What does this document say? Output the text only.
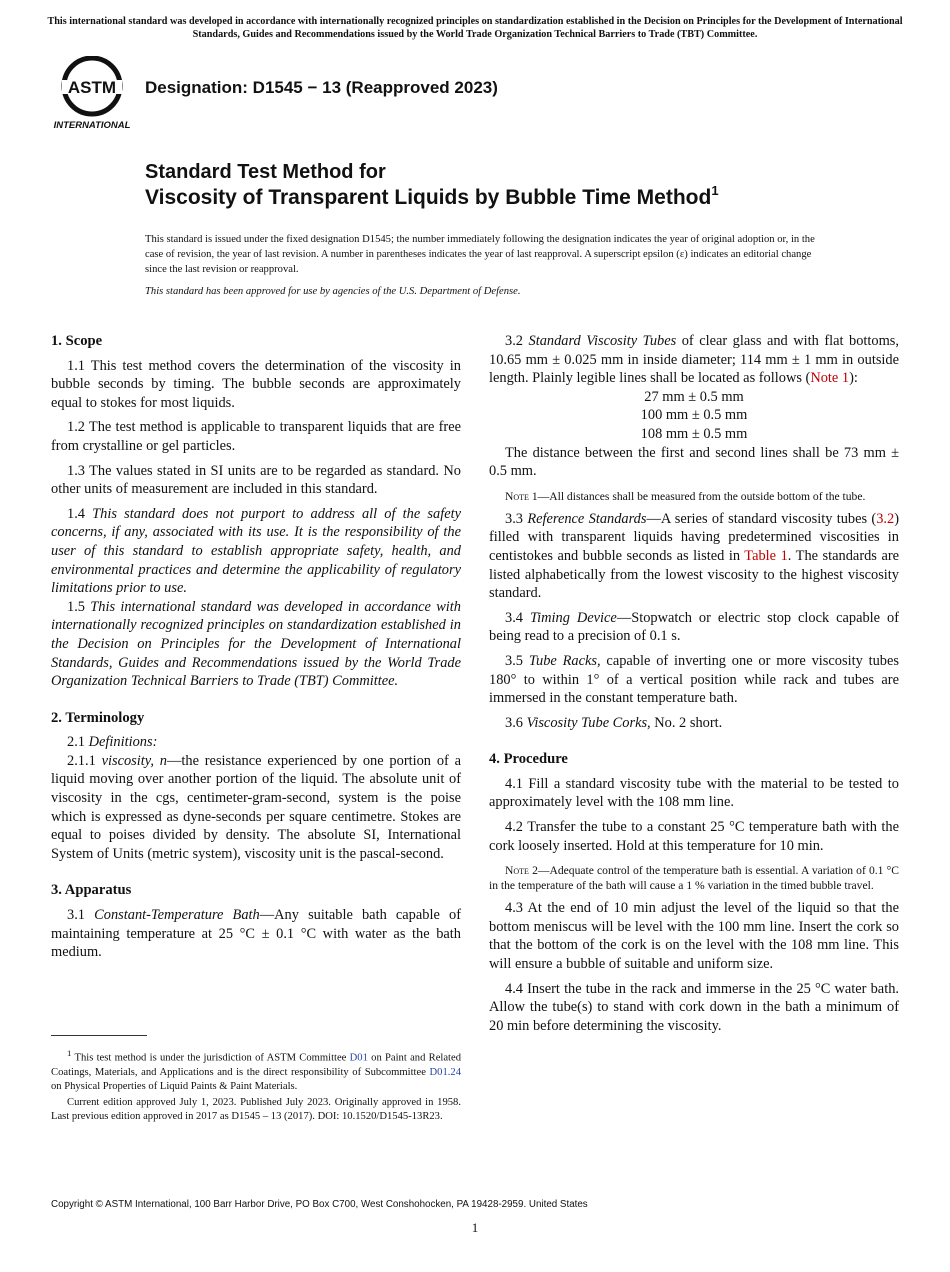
This international standard was developed in accordance with internationally recognized principles on standardization established in the Decision on Principles for the Development of International Standards, Guides and Recommendations issued by the World Trade Organization Technical Barriers to Trade (TBT) Committee.
ASTM
INTERNATIONAL
Designation: D1545 − 13 (Reapproved 2023)
Standard Test Method for
Viscosity of Transparent Liquids by Bubble Time Method$^1$
This standard is issued under the fixed designation D1545; the number immediately following the designation indicates the year of original adoption or, in the case of revision, the year of last revision. A number in parentheses indicates the year of last reapproval. A superscript epsilon (ε) indicates an editorial change since the last revision or reapproval.
This standard has been approved for use by agencies of the U.S. Department of Defense.
1. Scope

1.1 This test method covers the determination of the viscosity in bubble seconds by timing. The bubble seconds are approximately equal to stokes for most liquids.

1.2 The test method is applicable to transparent liquids that are free from crystalline or gel particles.

1.3 The values stated in SI units are to be regarded as standard. No other units of measurement are included in this standard.

1.4 This standard does not purport to address all of the safety concerns, if any, associated with its use. It is the responsibility of the user of this standard to establish appropriate safety, health, and environmental practices and determine the applicability of regulatory limitations prior to use.

1.5 This international standard was developed in accordance with internationally recognized principles on standardization established in the Decision on Principles for the Development of International Standards, Guides and Recommendations issued by the World Trade Organization Technical Barriers to Trade (TBT) Committee.

2. Terminology

2.1 Definitions:

2.1.1 viscosity, n—the resistance experienced by one portion of a liquid moving over another portion of the liquid. The absolute unit of viscosity in the cgs, centimeter-gram-second, system is the poise which is expressed as dyne-seconds per square centimetre. Stokes are equal to poises divided by density. The absolute SI, International System of Units (metric system), viscosity unit is the pascal-second.

3. Apparatus

3.1 Constant-Temperature Bath—Any suitable bath capable of maintaining temperature at 25 °C ± 0.1 °C with water as the bath medium.

$^1$ This test method is under the jurisdiction of ASTM Committee D01 on Paint and Related Coatings, Materials, and Applications and is the direct responsibility of Subcommittee D01.24 on Physical Properties of Liquid Paints & Paint Materials.

Current edition approved July 1, 2023. Published July 2023. Originally approved in 1958. Last previous edition approved in 2017 as D1545 – 13 (2017). DOI: 10.1520/D1545-13R23.

3.2 Standard Viscosity Tubes of clear glass and with flat bottoms, 10.65 mm ± 0.025 mm in inside diameter; 114 mm ± 1 mm in outside length. Plainly legible lines shall be located as follows (Note 1):

27 mm ± 0.5 mm

100 mm ± 0.5 mm

108 mm ± 0.5 mm

The distance between the first and second lines shall be 73 mm ± 0.5 mm.

Note 1—All distances shall be measured from the outside bottom of the tube.

3.3 Reference Standards—A series of standard viscosity tubes (3.2) filled with transparent liquids having predetermined viscosities in centistokes and bubble seconds as listed in Table 1. The standards are listed alphabetically from the lowest viscosity to the highest viscosity standard.

3.4 Timing Device—Stopwatch or electric stop clock capable of being read to a precision of 0.1 s.

3.5 Tube Racks, capable of inverting one or more viscosity tubes 180° to within 1° of a vertical position while rack and tubes are immersed in the constant temperature bath.

3.6 Viscosity Tube Corks, No. 2 short.

4. Procedure

4.1 Fill a standard viscosity tube with the material to be tested to approximately level with the 108 mm line.

4.2 Transfer the tube to a constant 25 °C temperature bath with the cork loosely inserted. Hold at this temperature for 10 min.

Note 2—Adequate control of the temperature bath is essential. A variation of 0.1 °C in the temperature of the bath will cause a 1 % variation in the timed bubble travel.

4.3 At the end of 10 min adjust the level of the liquid so that the bottom meniscus will be level with the 100 mm line. Insert the cork so that the bottom of the cork is on the level with the 108 mm line. This will ensure a bubble of suitable and uniform size.

4.4 Insert the tube in the rack and immerse in the 25 °C water bath. Allow the tube(s) to stand with cork down in the bath a minimum of 20 min before determining the viscosity.

Copyright © ASTM International, 100 Barr Harbor Drive, PO Box C700, West Conshohocken, PA 19428-2959. United States
1
